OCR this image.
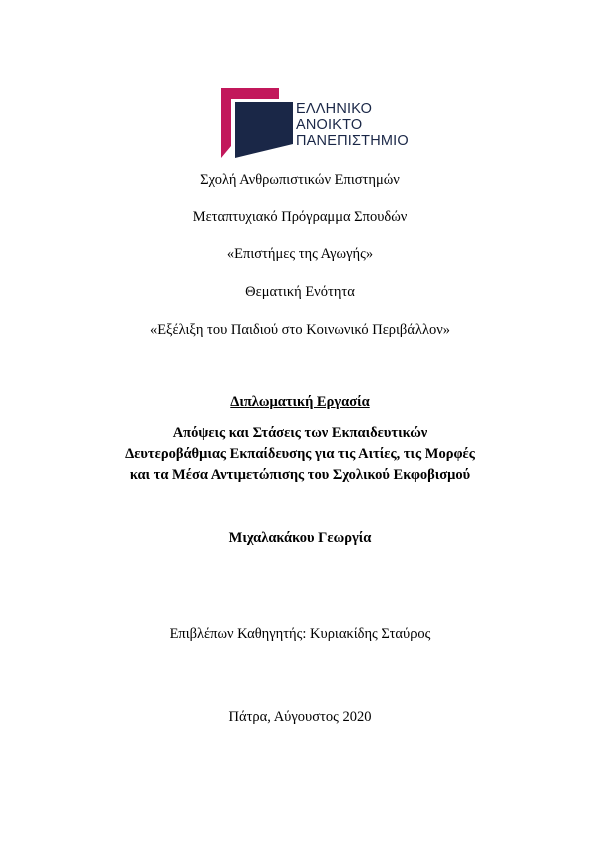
ΕΛΛΗΝΙΚΟ
ΑΝΟΙΚΤΟ
ΠΑΝΕΠΙΣΤΗΜΙΟ
Σχολή Ανθρωπιστικών Επιστημών
Μεταπτυχιακό Πρόγραμμα Σπουδών
«Επιστήμες της Αγωγής»
Θεματική Ενότητα
«Εξέλιξη του Παιδιού στο Κοινωνικό Περιβάλλον»
Διπλωματική Εργασία
Απόψεις και Στάσεις των Εκπαιδευτικών
Δευτεροβάθμιας Εκπαίδευσης για τις Αιτίες, τις Μορφές
και τα Μέσα Αντιμετώπισης του Σχολικού Εκφοβισμού
Μιχαλακάκου Γεωργία
Επιβλέπων Καθηγητής: Κυριακίδης Σταύρος
Πάτρα, Αύγουστος 2020
